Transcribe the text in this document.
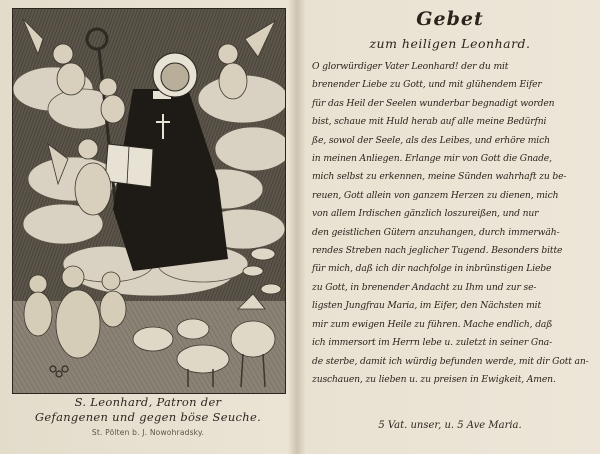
S. Leonhard, Patron der
Gefangenen und gegen böse Seuche.
St. Pölten b. J. Nowohradsky.
Gebet
zum heiligen Leonhard.
O glorwürdiger Vater Leonhard! der du mit
brenender Liebe zu Gott, und mit glühendem Eifer
für das Heil der Seelen wunderbar begnadigt worden
bist, schaue mit Huld herab auf alle meine Bedürfni
ße, sowol der Seele, als des Leibes, und erhöre mich
in meinen Anliegen. Erlange mir von Gott die Gnade,
mich selbst zu erkennen, meine Sünden wahrhaft zu be-
reuen, Gott allein von ganzem Herzen zu dienen, mich
von allem Irdischen gänzlich loszureißen, und nur
den geistlichen Gütern anzuhangen, durch immerwäh-
rendes Streben nach jeglicher Tugend. Besonders bitte
für mich, daß ich dir nachfolge in inbrünstigen Liebe
zu Gott, in brenender Andacht zu Ihm und zur se-
ligsten Jungfrau Maria, im Eifer, den Nächsten mit
mir zum ewigen Heile zu führen. Mache endlich, daß
ich immersort im Herrn lebe u. zuletzt in seiner Gna-
de sterbe, damit ich würdig befunden werde, mit dir Gott an-
zuschauen, zu lieben u. zu preisen in Ewigkeit, Amen.
5 Vat. unser, u. 5 Ave Maria.
